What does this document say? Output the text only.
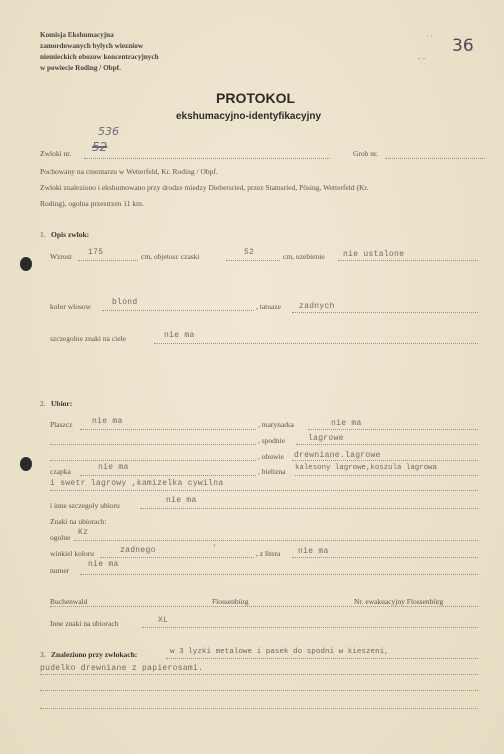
Komisja Ekshumacyjna
zamordowanych bylych wiezniow
niemieckich obozow koncentracyjnych
w powiecie Roding / Obpf.
36
‧ ‧
- -
PROTOKOL
ekshumacyjno-identyfikacyjny
536
Zwloki nr. 52	Grob nr.
Pochowany na cmentarzu w Wetterfeld, Kr. Roding / Obpf.
Zwloki znaleziono i ekshumowano przy drodze miedzy Diebersried, przez Stamsried, Pösing, Wetterfeld (Kr.
Roding), ogolna przestrzen 11 km.
1. Opis zwlok:
Wzrost 175	cm, objetosc czaski	52	cm, uzebienie nie ustalone
kolor wlosow	blond	, tatuaze zadnych
szczegolne znaki na ciele	nie ma
2. Ubior:
Plaszcz nie ma	, marynarka	nie ma
, spodnie	lagrowe
, obuwie drewniane.lagrowe
czapka	nie ma	, bielizna kalesony lagrowe,koszula lagrowa
i swetr lagrowy ,kamizelka cywilna
i inne szczegoly ubioru
nie ma
Znaki na ubiorach:
ogolne
Kz
winkiel koloru	zadnego	ʼ
, z litera nie ma
numer
nie ma
Buchenwald	Flossenbürg	Nr. ewakuacyjny Flossenbürg
Inne znaki na ubiorach	XL
3. Znaleziono przy zwlokach:	w 3 lyzki metalowe i pasek do spodni w kieszeni,
pudelko drewniane z papierosami.
